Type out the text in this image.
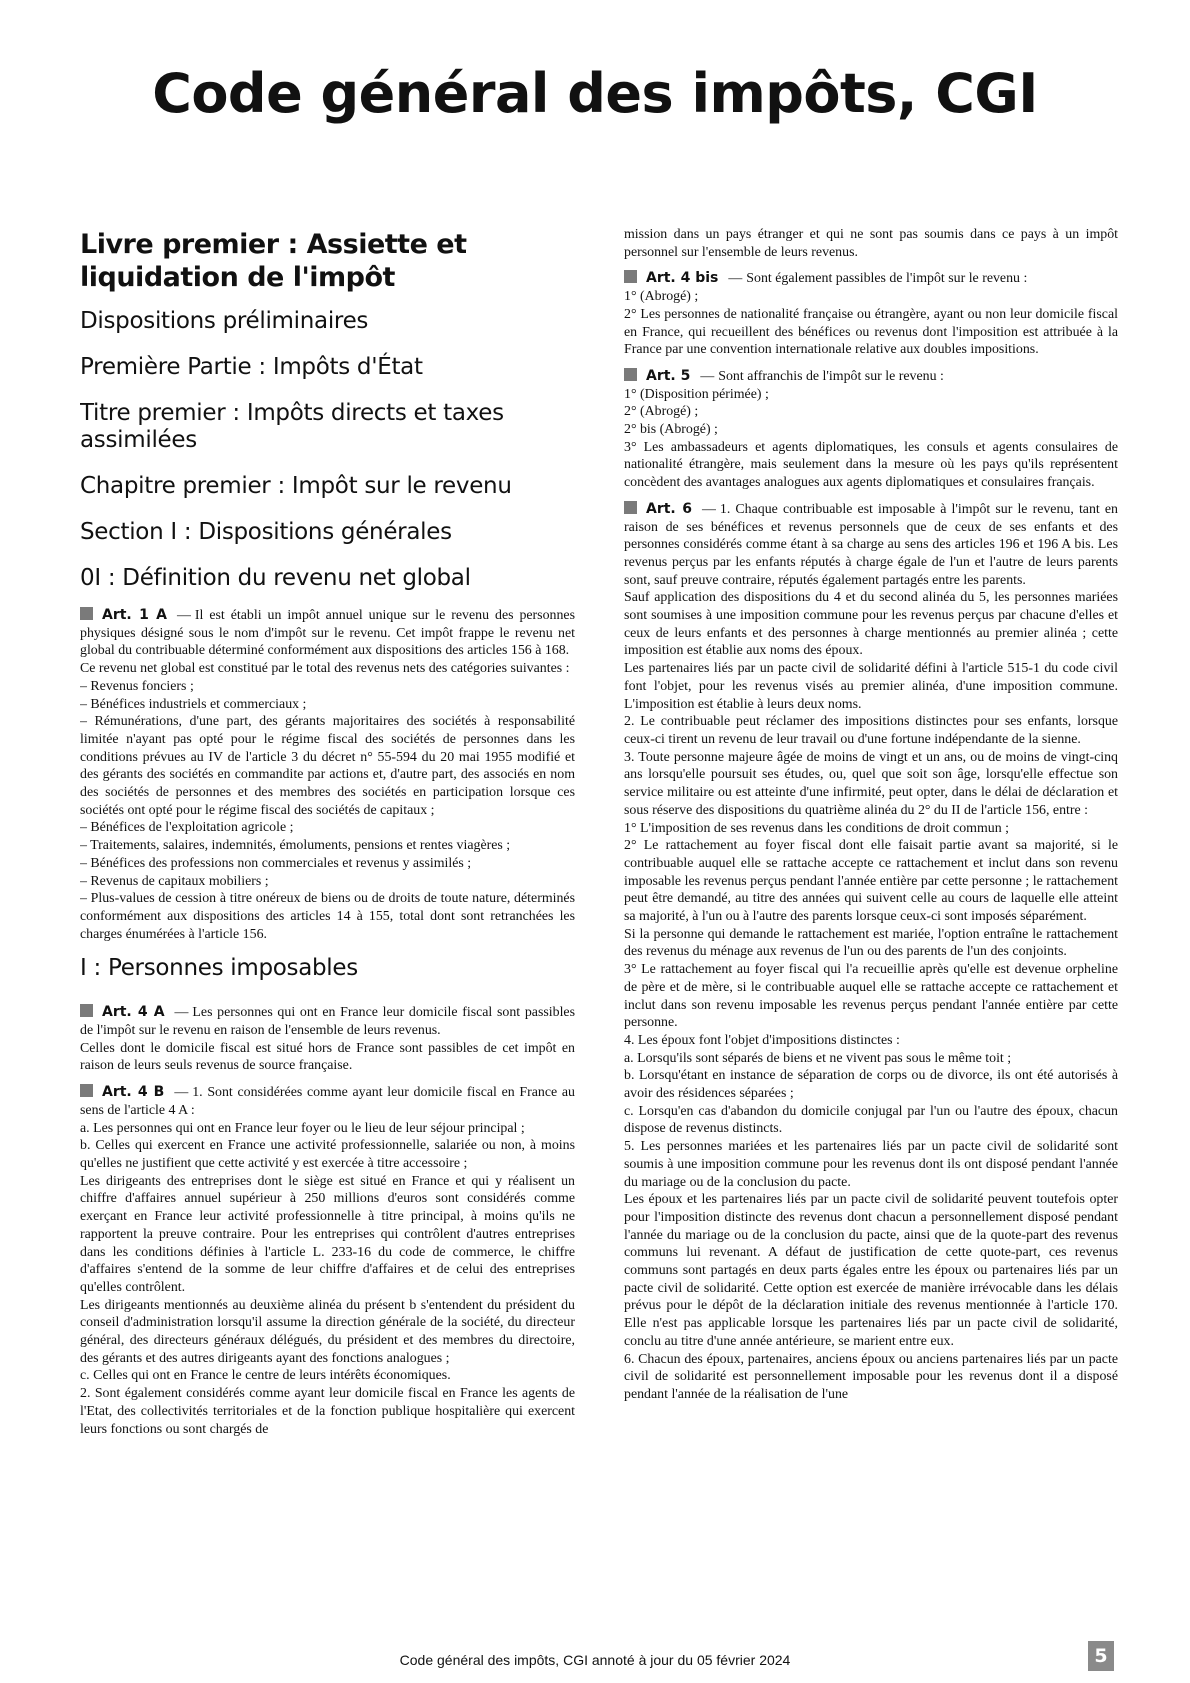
Code général des impôts, CGI
Livre premier : Assiette et liquidation de l'impôt
Dispositions préliminaires
Première Partie : Impôts d'État
Titre premier : Impôts directs et taxes assimilées
Chapitre premier : Impôt sur le revenu
Section I : Dispositions générales
0I : Définition du revenu net global

Art. 1 A — Il est établi un impôt annuel unique sur le revenu des personnes physiques désigné sous le nom d'impôt sur le revenu. Cet impôt frappe le revenu net global du contribuable déterminé conformément aux dispositions des articles 156 à 168.

Ce revenu net global est constitué par le total des revenus nets des catégories suivantes :

– Revenus fonciers ;

– Bénéfices industriels et commerciaux ;

– Rémunérations, d'une part, des gérants majoritaires des sociétés à responsabilité limitée n'ayant pas opté pour le régime fiscal des sociétés de personnes dans les conditions prévues au IV de l'article 3 du décret n° 55-594 du 20 mai 1955 modifié et des gérants des sociétés en commandite par actions et, d'autre part, des associés en nom des sociétés de personnes et des membres des sociétés en participation lorsque ces sociétés ont opté pour le régime fiscal des sociétés de capitaux ;

– Bénéfices de l'exploitation agricole ;

– Traitements, salaires, indemnités, émoluments, pensions et rentes viagères ;

– Bénéfices des professions non commerciales et revenus y assimilés ;

– Revenus de capitaux mobiliers ;

– Plus-values de cession à titre onéreux de biens ou de droits de toute nature, déterminés conformément aux dispositions des articles 14 à 155, total dont sont retranchées les charges énumérées à l'article 156.

I : Personnes imposables

Art. 4 A — Les personnes qui ont en France leur domicile fiscal sont passibles de l'impôt sur le revenu en raison de l'ensemble de leurs revenus.

Celles dont le domicile fiscal est situé hors de France sont passibles de cet impôt en raison de leurs seuls revenus de source française.

Art. 4 B — 1. Sont considérées comme ayant leur domicile fiscal en France au sens de l'article 4 A :

a. Les personnes qui ont en France leur foyer ou le lieu de leur séjour principal ;

b. Celles qui exercent en France une activité professionnelle, salariée ou non, à moins qu'elles ne justifient que cette activité y est exercée à titre accessoire ;

Les dirigeants des entreprises dont le siège est situé en France et qui y réalisent un chiffre d'affaires annuel supérieur à 250 millions d'euros sont considérés comme exerçant en France leur activité professionnelle à titre principal, à moins qu'ils ne rapportent la preuve contraire. Pour les entreprises qui contrôlent d'autres entreprises dans les conditions définies à l'article L. 233-16 du code de commerce, le chiffre d'affaires s'entend de la somme de leur chiffre d'affaires et de celui des entreprises qu'elles contrôlent.

Les dirigeants mentionnés au deuxième alinéa du présent b s'entendent du président du conseil d'administration lorsqu'il assume la direction générale de la société, du directeur général, des directeurs généraux délégués, du président et des membres du directoire, des gérants et des autres dirigeants ayant des fonctions analogues ;

c. Celles qui ont en France le centre de leurs intérêts économiques.

2. Sont également considérés comme ayant leur domicile fiscal en France les agents de l'Etat, des collectivités territoriales et de la fonction publique hospitalière qui exercent leurs fonctions ou sont chargés de

mission dans un pays étranger et qui ne sont pas soumis dans ce pays à un impôt personnel sur l'ensemble de leurs revenus.

Art. 4 bis — Sont également passibles de l'impôt sur le revenu :

1° (Abrogé) ;

2° Les personnes de nationalité française ou étrangère, ayant ou non leur domicile fiscal en France, qui recueillent des bénéfices ou revenus dont l'imposition est attribuée à la France par une convention internationale relative aux doubles impositions.

Art. 5 — Sont affranchis de l'impôt sur le revenu :

1° (Disposition périmée) ;

2° (Abrogé) ;

2° bis (Abrogé) ;

3° Les ambassadeurs et agents diplomatiques, les consuls et agents consulaires de nationalité étrangère, mais seulement dans la mesure où les pays qu'ils représentent concèdent des avantages analogues aux agents diplomatiques et consulaires français.

Art. 6 — 1. Chaque contribuable est imposable à l'impôt sur le revenu, tant en raison de ses bénéfices et revenus personnels que de ceux de ses enfants et des personnes considérés comme étant à sa charge au sens des articles 196 et 196 A bis. Les revenus perçus par les enfants réputés à charge égale de l'un et l'autre de leurs parents sont, sauf preuve contraire, réputés également partagés entre les parents.

Sauf application des dispositions du 4 et du second alinéa du 5, les personnes mariées sont soumises à une imposition commune pour les revenus perçus par chacune d'elles et ceux de leurs enfants et des personnes à charge mentionnés au premier alinéa ; cette imposition est établie aux noms des époux.

Les partenaires liés par un pacte civil de solidarité défini à l'article 515-1 du code civil font l'objet, pour les revenus visés au premier alinéa, d'une imposition commune. L'imposition est établie à leurs deux noms.

2. Le contribuable peut réclamer des impositions distinctes pour ses enfants, lorsque ceux-ci tirent un revenu de leur travail ou d'une fortune indépendante de la sienne.

3. Toute personne majeure âgée de moins de vingt et un ans, ou de moins de vingt-cinq ans lorsqu'elle poursuit ses études, ou, quel que soit son âge, lorsqu'elle effectue son service militaire ou est atteinte d'une infirmité, peut opter, dans le délai de déclaration et sous réserve des dispositions du quatrième alinéa du 2° du II de l'article 156, entre :

1° L'imposition de ses revenus dans les conditions de droit commun ;

2° Le rattachement au foyer fiscal dont elle faisait partie avant sa majorité, si le contribuable auquel elle se rattache accepte ce rattachement et inclut dans son revenu imposable les revenus perçus pendant l'année entière par cette personne ; le rattachement peut être demandé, au titre des années qui suivent celle au cours de laquelle elle atteint sa majorité, à l'un ou à l'autre des parents lorsque ceux-ci sont imposés séparément.

Si la personne qui demande le rattachement est mariée, l'option entraîne le rattachement des revenus du ménage aux revenus de l'un ou des parents de l'un des conjoints.

3° Le rattachement au foyer fiscal qui l'a recueillie après qu'elle est devenue orpheline de père et de mère, si le contribuable auquel elle se rattache accepte ce rattachement et inclut dans son revenu imposable les revenus perçus pendant l'année entière par cette personne.

4. Les époux font l'objet d'impositions distinctes :

a. Lorsqu'ils sont séparés de biens et ne vivent pas sous le même toit ;

b. Lorsqu'étant en instance de séparation de corps ou de divorce, ils ont été autorisés à avoir des résidences séparées ;

c. Lorsqu'en cas d'abandon du domicile conjugal par l'un ou l'autre des époux, chacun dispose de revenus distincts.

5. Les personnes mariées et les partenaires liés par un pacte civil de solidarité sont soumis à une imposition commune pour les revenus dont ils ont disposé pendant l'année du mariage ou de la conclusion du pacte.

Les époux et les partenaires liés par un pacte civil de solidarité peuvent toutefois opter pour l'imposition distincte des revenus dont chacun a personnellement disposé pendant l'année du mariage ou de la conclusion du pacte, ainsi que de la quote-part des revenus communs lui revenant. A défaut de justification de cette quote-part, ces revenus communs sont partagés en deux parts égales entre les époux ou partenaires liés par un pacte civil de solidarité. Cette option est exercée de manière irrévocable dans les délais prévus pour le dépôt de la déclaration initiale des revenus mentionnée à l'article 170. Elle n'est pas applicable lorsque les partenaires liés par un pacte civil de solidarité, conclu au titre d'une année antérieure, se marient entre eux.

6. Chacun des époux, partenaires, anciens époux ou anciens partenaires liés par un pacte civil de solidarité est personnellement imposable pour les revenus dont il a disposé pendant l'année de la réalisation de l'une

Code général des impôts, CGI annoté à jour du 05 février 2024	5
